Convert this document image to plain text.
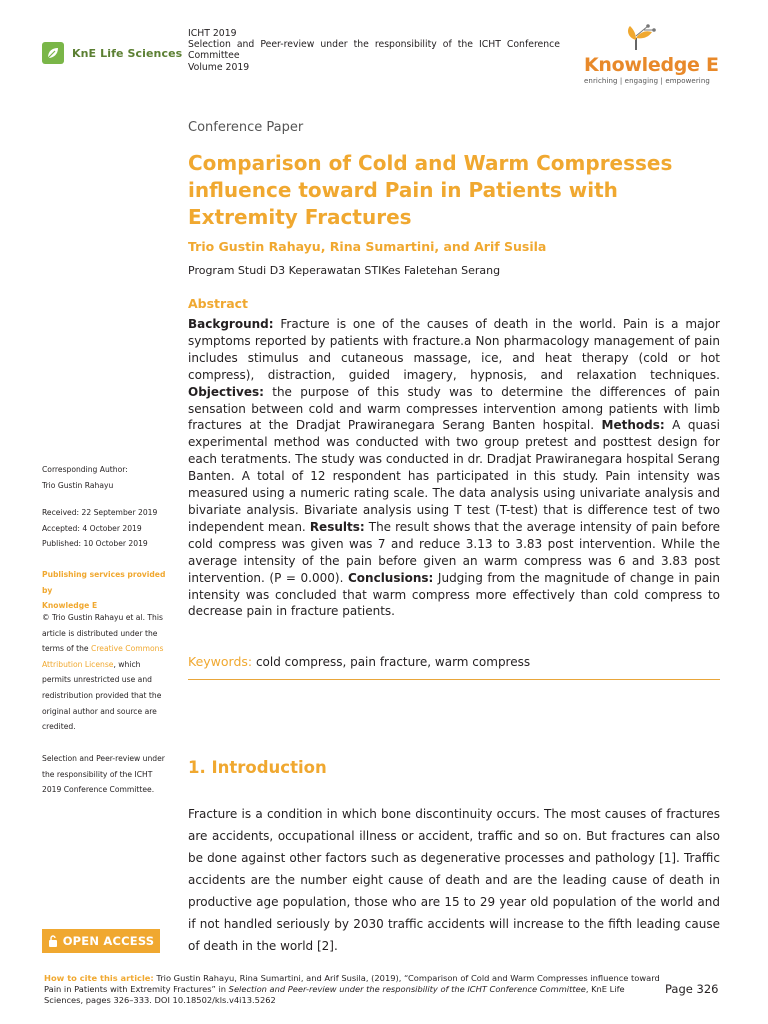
KnE Life Sciences
ICHT 2019
Selection and Peer-review under the responsibility of the ICHT Conference
Committee
Volume 2019	Knowledge E
enriching | engaging | empowering
Conference Paper
Comparison of Cold and Warm Compresses influence toward Pain in Patients with Extremity Fractures
Trio Gustin Rahayu, Rina Sumartini, and Arif Susila
Program Studi D3 Keperawatan STIKes Faletehan Serang
Abstract
Background: Fracture is one of the causes of death in the world. Pain is a major symptoms reported by patients with fracture.a Non pharmacology management of pain includes stimulus and cutaneous massage, ice, and heat therapy (cold or hot compress), distraction, guided imagery, hypnosis, and relaxation techniques. Objectives: the purpose of this study was to determine the differences of pain sensation between cold and warm compresses intervention among patients with limb fractures at the Dradjat Prawiranegara Serang Banten hospital. Methods: A quasi experimental method was conducted with two group pretest and posttest design for each teratments. The study was conducted in dr. Dradjat Prawiranegara hospital Serang Banten. A total of 12 respondent has participated in this study. Pain intensity was measured using a numeric rating scale. The data analysis using univariate analysis and bivariate analysis. Bivariate analysis using T test (T-test) that is difference test of two independent mean. Results: The result shows that the average intensity of pain before cold compress was given was 7 and reduce 3.13 to 3.83 post intervention. While the average intensity of the pain before given an warm compress was 6 and 3.83 post intervention. (P = 0.000). Conclusions: Judging from the magnitude of change in pain intensity was concluded that warm compress more effectively than cold compress to decrease pain in fracture patients.
Keywords: cold compress, pain fracture, warm compress
Corresponding Author:
Trio Gustin Rahayu
Received: 22 September 2019
Accepted: 4 October 2019
Published: 10 October 2019
Publishing services provided by
Knowledge E
© Trio Gustin Rahayu et al. This
article is distributed under the
terms of the Creative Commons
Attribution License, which
permits unrestricted use and
redistribution provided that the
original author and source are
credited.
Selection and Peer-review under
the responsibility of the ICHT
2019 Conference Committee.
1. Introduction
Fracture is a condition in which bone discontinuity occurs. The most causes of fractures are accidents, occupational illness or accident, traffic and so on. But fractures can also be done against other factors such as degenerative processes and pathology [1]. Traffic accidents are the number eight cause of death and are the leading cause of death in productive age population, those who are 15 to 29 year old population of the world and if not handled seriously by 2030 traffic accidents will increase to the fifth leading cause of death in the world [2].
OPEN ACCESS
How to cite this article: Trio Gustin Rahayu, Rina Sumartini, and Arif Susila, (2019), “Comparison of Cold and Warm Compresses influence toward
Pain in Patients with Extremity Fractures” in Selection and Peer-review under the responsibility of the ICHT Conference Committee, KnE Life
Sciences, pages 326–333. DOI 10.18502/kls.v4i13.5262
Page 326
